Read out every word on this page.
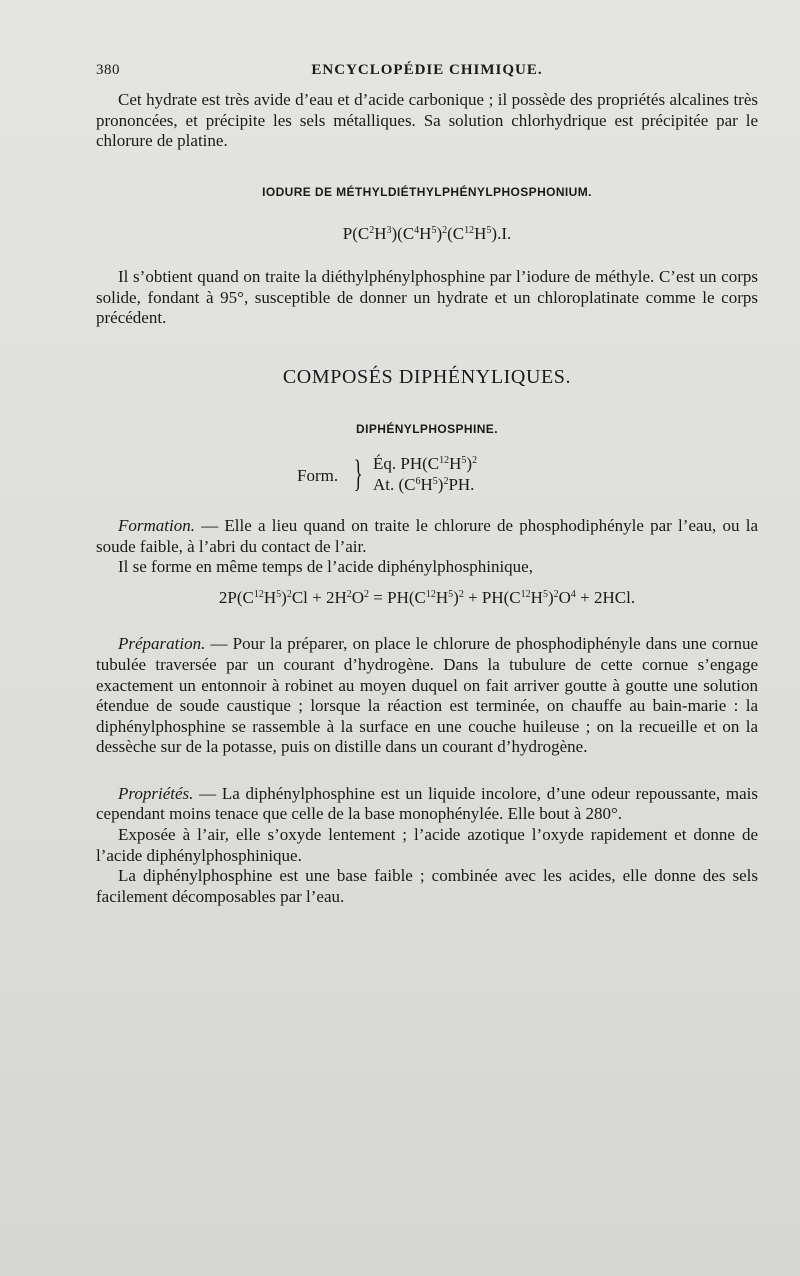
380	ENCYCLOPÉDIE CHIMIQUE.

Cet hydrate est très avide d’eau et d’acide carbonique ; il possède des propriétés alcalines très prononcées, et précipite les sels métalliques. Sa solution chlorhydrique est précipitée par le chlorure de platine.

IODURE DE MÉTHYLDIÉTHYLPHÉNYLPHOSPHONIUM.

$P(C^2H^3)(C^4H^5)^2(C^{12}H^5).I$.

Il s’obtient quand on traite la diéthylphénylphosphine par l’iodure de méthyle. C’est un corps solide, fondant à 95°, susceptible de donner un hydrate et un chloroplatinate comme le corps précédent.

COMPOSÉS DIPHÉNYLIQUES.

DIPHÉNYLPHOSPHINE.

Form. } Éq. $PH(C^{12}H^5)^2$
At. $(C^6H^5)^2PH$.

Formation. — Elle a lieu quand on traite le chlorure de phosphodiphényle par l’eau, ou la soude faible, à l’abri du contact de l’air.

Il se forme en même temps de l’acide diphénylphosphinique,

$2P(C^{12}H^5)^2Cl + 2H^2O^2 = PH(C^{12}H^5)^2 + PH(C^{12}H^5)^2O^4 + 2HCl$.

Préparation. — Pour la préparer, on place le chlorure de phosphodiphényle dans une cornue tubulée traversée par un courant d’hydrogène. Dans la tubulure de cette cornue s’engage exactement un entonnoir à robinet au moyen duquel on fait arriver goutte à goutte une solution étendue de soude caustique ; lorsque la réaction est terminée, on chauffe au bain-marie : la diphénylphosphine se rassemble à la surface en une couche huileuse ; on la recueille et on la dessèche sur de la potasse, puis on distille dans un courant d’hydrogène.

Propriétés. — La diphénylphosphine est un liquide incolore, d’une odeur repoussante, mais cependant moins tenace que celle de la base monophénylée. Elle bout à 280°.

Exposée à l’air, elle s’oxyde lentement ; l’acide azotique l’oxyde rapidement et donne de l’acide diphénylphosphinique.

La diphénylphosphine est une base faible ; combinée avec les acides, elle donne des sels facilement décomposables par l’eau.
